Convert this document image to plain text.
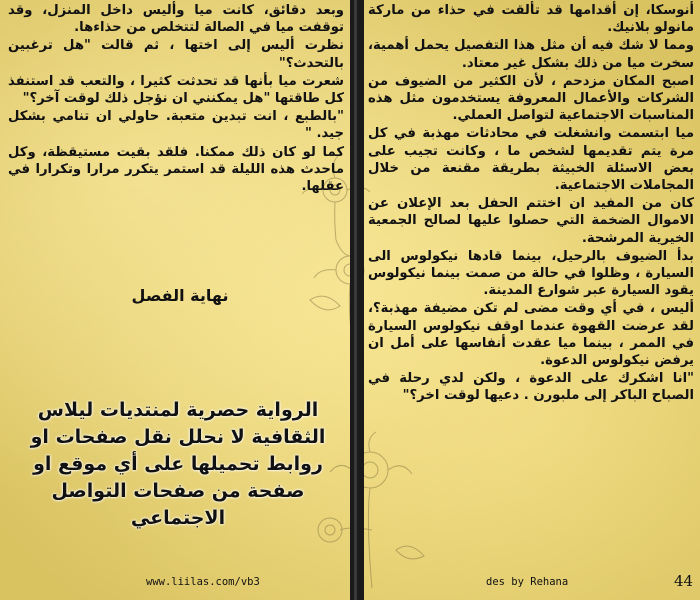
أنوسكا، إن أقدامها قد تألقت في حذاء من ماركة مانولو بلانيك.

ومما لا شك فيه أن مثل هذا التفصيل يحمل أهمية، سخرت ميا من ذلك بشكل غير معتاد.

اصبح المكان مزدحم ، لأن الكثير من الضيوف من الشركات والأعمال المعروفة يستخدمون مثل هذه المناسبات الاجتماعية لتواصل العملي.

ميا ابتسمت وانشغلت في محادثات مهذبة في كل مرة يتم تقديمها لشخص ما ، وكانت تجيب على بعض الاسئلة الخبيثة بطريقة مقنعة من خلال المجاملات الاجتماعية.

كان من المفيد ان اختتم الحفل بعد الإعلان عن الاموال الضخمة التي حصلوا عليها لصالح الجمعية الخيرية المرشحة.

بدأ الضيوف بالرحيل، بينما قادها نيكولوس الى السيارة ، وظلوا في حالة من صمت بينما نيكولوس يقود السيارة عبر شوارع المدينة.

أليس ، في أي وقت مضى لم تكن مضيفة مهذبة؟، لقد عرضت القهوة عندما اوقف نيكولوس السيارة في الممر ، بينما ميا عقدت أنفاسها على أمل ان يرفض نيكولوس الدعوة.

"انا اشكرك على الدعوة ، ولكن لدي رحلة في الصباح الباكر إلى ملبورن . دعيها لوقت اخر؟"

وبعد دقائق، كانت ميا وأليس داخل المنزل، وقد توقفت ميا في الصالة لتتخلص من حذاءها.

نظرت أليس إلى اختها ، ثم قالت "هل ترغبين بالتحدث؟"

شعرت ميا بأنها قد تحدثت كثيرا ، والتعب قد استنفذ كل طاقتها "هل يمكنني ان نؤجل ذلك لوقت آخر؟"

"بالطبع ، انت تبدين متعبة. حاولي ان تنامي بشكل جيد. "

كما لو كان ذلك ممكنا. فلقد بقيت مستيقظة، وكل ماحدث هذه الليلة قد استمر يتكرر مرارا وتكرارا في عقلها.

نهاية الفصل
الرواية حصرية لمنتديات ليلاس الثقافية لا نحلل نقل صفحات او روابط تحميلها على أي موقع او صفحة من صفحات التواصل الاجتماعي
www.liilas.com/vb3	des by Rehana	44
